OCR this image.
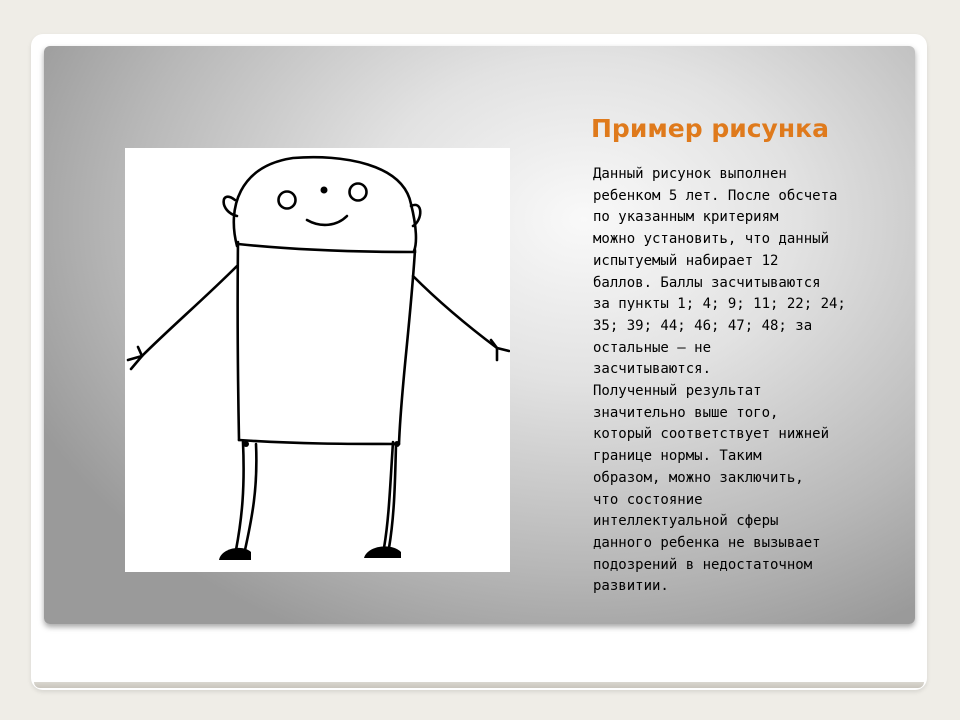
Пример рисунка

Данный рисунок выполнен
ребенком 5 лет. После обсчета
по указанным критериям
можно установить, что данный
испытуемый набирает 12
баллов. Баллы засчитываются
за пункты 1; 4; 9; 11; 22; 24;
35; 39; 44; 46; 47; 48; за
остальные — не
засчитываются.
Полученный результат
значительно выше того,
который соответствует нижней
границе нормы. Таким
образом, можно заключить,
что состояние
интеллектуальной сферы
данного ребенка не вызывает
подозрений в недостаточном
развитии.
